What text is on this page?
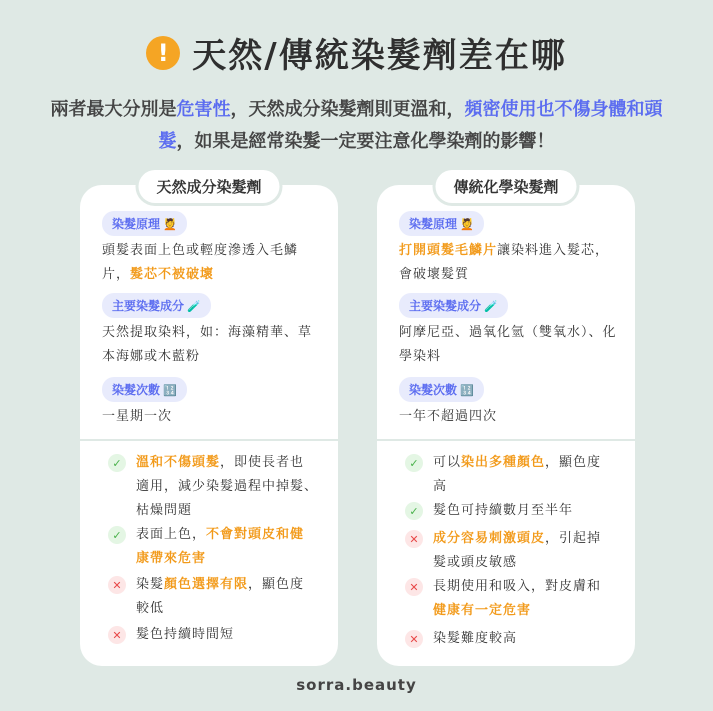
! 天然/傳統染髮劑差在哪
兩者最大分別是危害性，天然成分染髮劑則更溫和，頻密使用也不傷身體和頭髮，如果是經常染髮一定要注意化學染劑的影響！
天然成分染髮劑
染髮原理 💆
頭髮表面上色或輕度滲透入毛鱗片，髮芯不被破壞
主要染髮成分 🧪
天然提取染料，如：海藻精華、草本海娜或木藍粉
染髮次數 🔢
一星期一次
✓	溫和不傷頭髮，即使長者也適用，減少染髮過程中掉髮、枯燥問題
✓	表面上色，不會對頭皮和健康帶來危害
✕	染髮顏色選擇有限，顯色度較低
✕	髮色持續時間短
傳統化學染髮劑
染髮原理 💆
打開頭髮毛鱗片讓染料進入髮芯，會破壞髮質
主要染髮成分 🧪
阿摩尼亞、過氧化氫（雙氧水）、化學染料
染髮次數 🔢
一年不超過四次
✓	可以染出多種顏色，顯色度高
✓	髮色可持續數月至半年
✕	成分容易刺激頭皮，引起掉髮或頭皮敏感
✕	長期使用和吸入，對皮膚和健康有一定危害
✕	染髮難度較高
sorra.beauty
